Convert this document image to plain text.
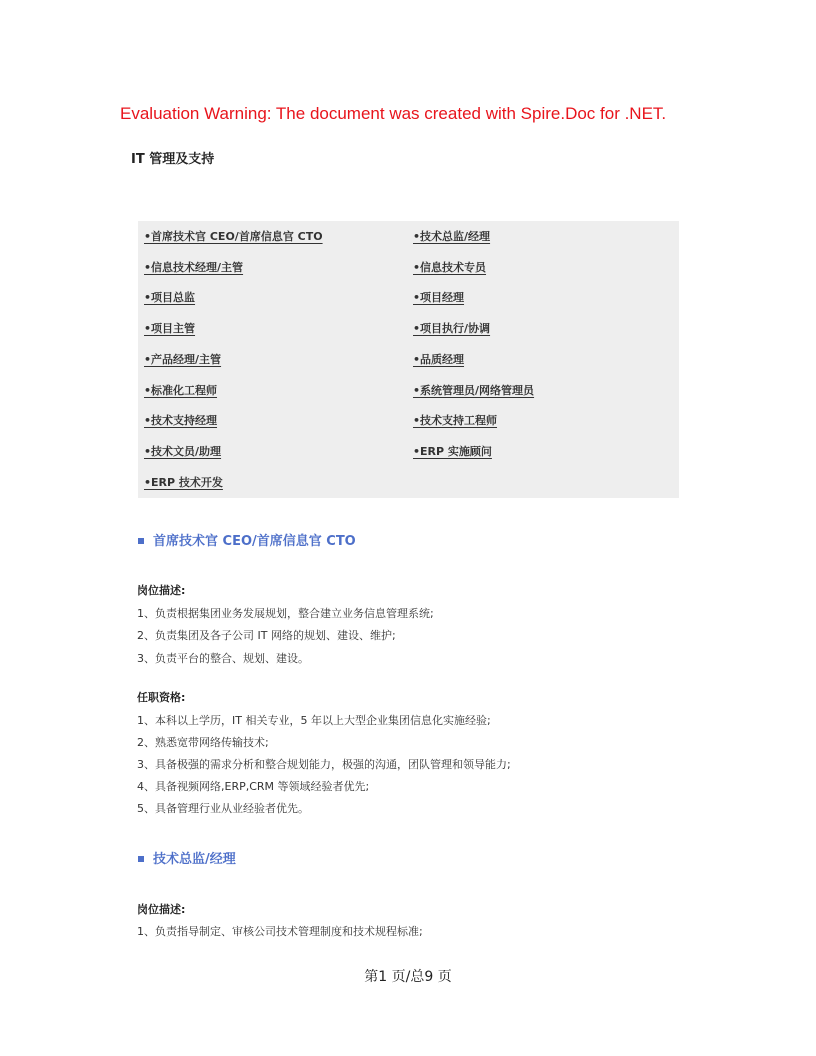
Evaluation Warning: The document was created with Spire.Doc for .NET.
IT 管理及支持
•首席技术官 CEO/首席信息官 CTO	•技术总监/经理
•信息技术经理/主管	•信息技术专员
•项目总监	•项目经理
•项目主管	•项目执行/协调
•产品经理/主管	•品质经理
•标准化工程师	•系统管理员/网络管理员
•技术支持经理	•技术支持工程师
•技术文员/助理	•ERP 实施顾问
•ERP 技术开发
首席技术官 CEO/首席信息官 CTO
岗位描述:
1、负责根据集团业务发展规划，整合建立业务信息管理系统;
2、负责集团及各子公司 IT 网络的规划、建设、维护;
3、负责平台的整合、规划、建设。
任职资格:
1、本科以上学历，IT 相关专业，5 年以上大型企业集团信息化实施经验;
2、熟悉宽带网络传输技术;
3、具备极强的需求分析和整合规划能力，极强的沟通，团队管理和领导能力;
4、具备视频网络,ERP,CRM 等领域经验者优先;
5、具备管理行业从业经验者优先。
技术总监/经理
岗位描述:
1、负责指导制定、审核公司技术管理制度和技术规程标准;
第1 页/总9 页
